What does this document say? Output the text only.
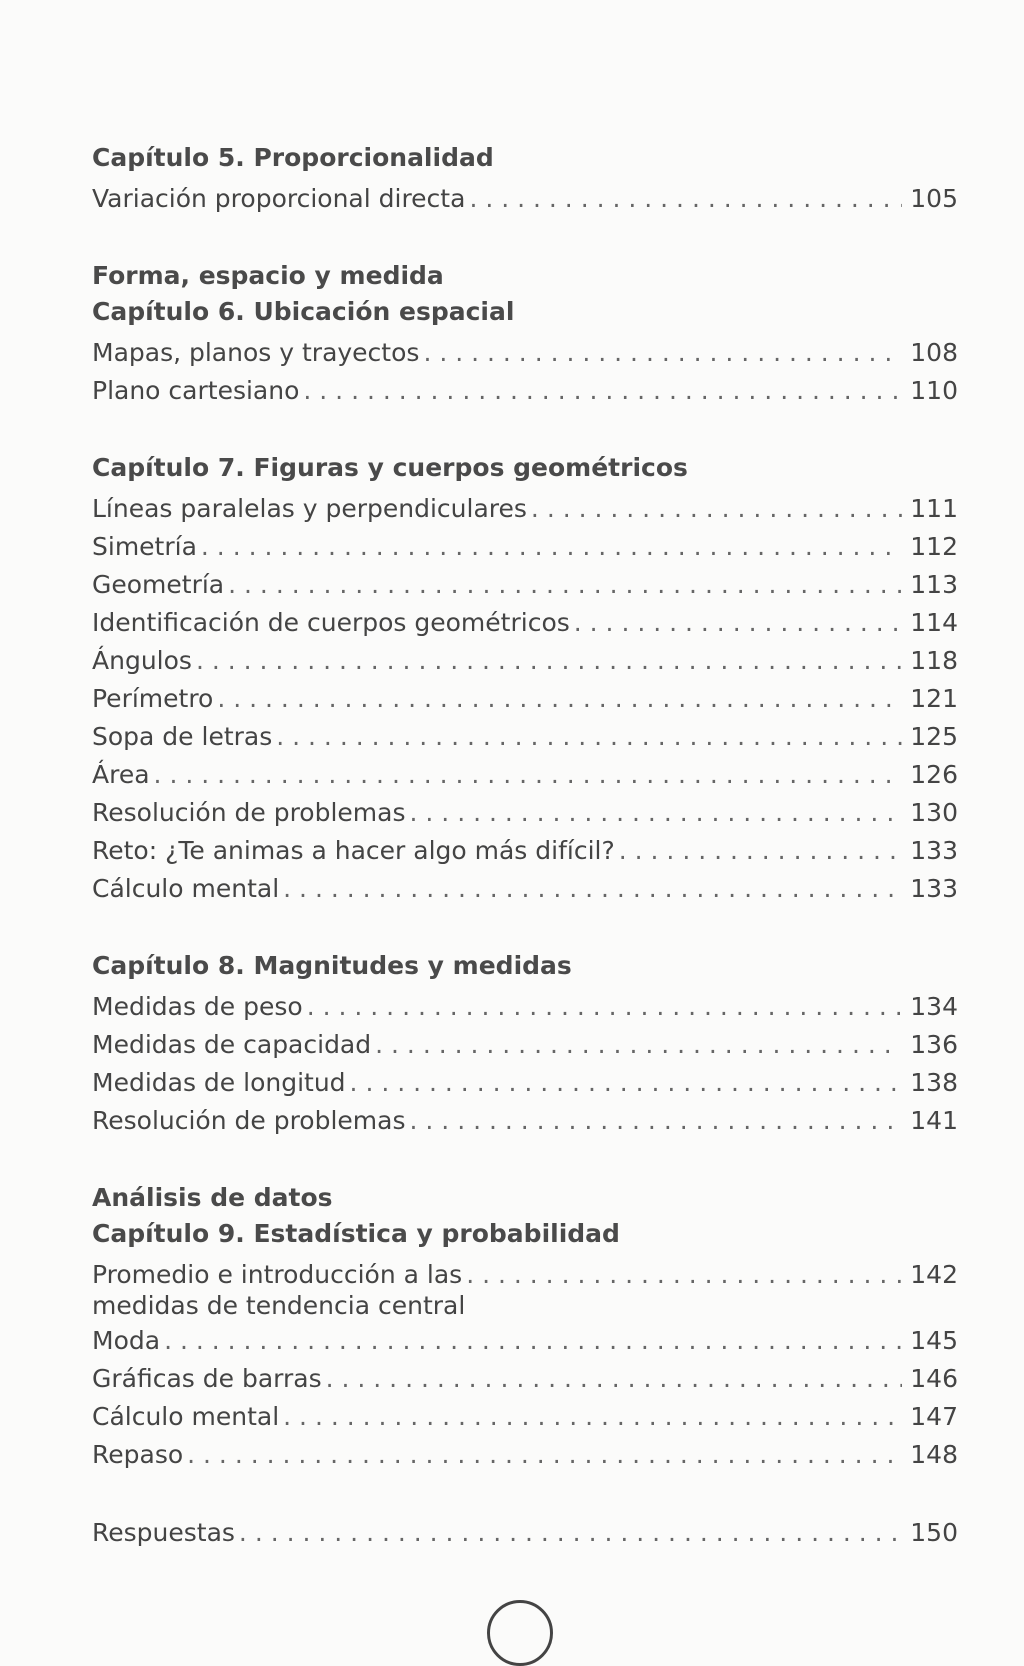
Capítulo 5. Proporcionalidad
Variación proporcional directa . . .	105
Forma, espacio y medida
Capítulo 6. Ubicación espacial
Mapas, planos y trayectos . . .	108
Plano cartesiano . . .	110
Capítulo 7. Figuras y cuerpos geométricos
Líneas paralelas y perpendiculares . . .	111
Simetría . . .	112
Geometría . . .	113
Identificación de cuerpos geométricos . . .	114
Ángulos . . .	118
Perímetro . . .	121
Sopa de letras . . .	125
Área . . .	126
Resolución de problemas . . .	130
Reto: ¿Te animas a hacer algo más difícil? . . .	133
Cálculo mental . . .	133
Capítulo 8. Magnitudes y medidas
Medidas de peso . . .	134
Medidas de capacidad . . .	136
Medidas de longitud . . .	138
Resolución de problemas . . .	141
Análisis de datos
Capítulo 9. Estadística y probabilidad
Promedio e introducción a las . . .	142
medidas de tendencia central
Moda . . .	145
Gráficas de barras . . .	146
Cálculo mental . . .	147
Repaso . . .	148
Respuestas . . .	150
